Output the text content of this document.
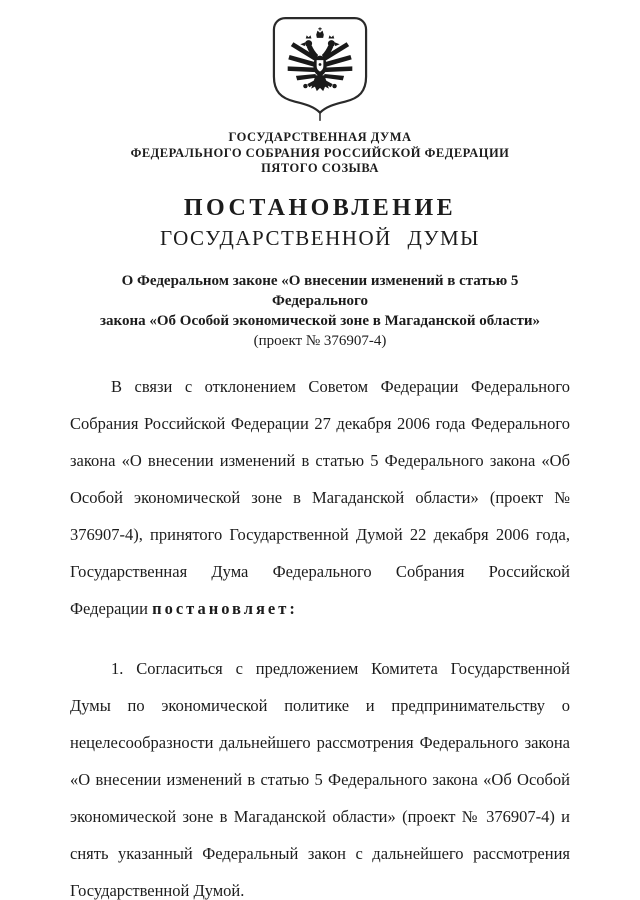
ГОСУДАРСТВЕННАЯ ДУМА
ФЕДЕРАЛЬНОГО СОБРАНИЯ РОССИЙСКОЙ ФЕДЕРАЦИИ
ПЯТОГО СОЗЫВА
ПОСТАНОВЛЕНИЕ
ГОСУДАРСТВЕННОЙ ДУМЫ
О Федеральном законе «О внесении изменений в статью 5 Федерального
закона «Об Особой экономической зоне в Магаданской области»
(проект № 376907-4)

В связи с отклонением Советом Федерации Федерального Собрания Российской Федерации 27 декабря 2006 года Федерального закона «О внесении изменений в статью 5 Федерального закона «Об Особой экономической зоне в Магаданской области» (проект № 376907-4), принятого Государственной Думой 22 декабря 2006 года, Государственная Дума Федерального Собрания Российской Федерации постановляет:

1. Согласиться с предложением Комитета Государственной Думы по экономической политике и предпринимательству о нецелесообразности дальнейшего рассмотрения Федерального закона «О внесении изменений в статью 5 Федерального закона «Об Особой экономической зоне в Магаданской области» (проект № 376907-4) и снять указанный Федеральный закон с дальнейшего рассмотрения Государственной Думой.
